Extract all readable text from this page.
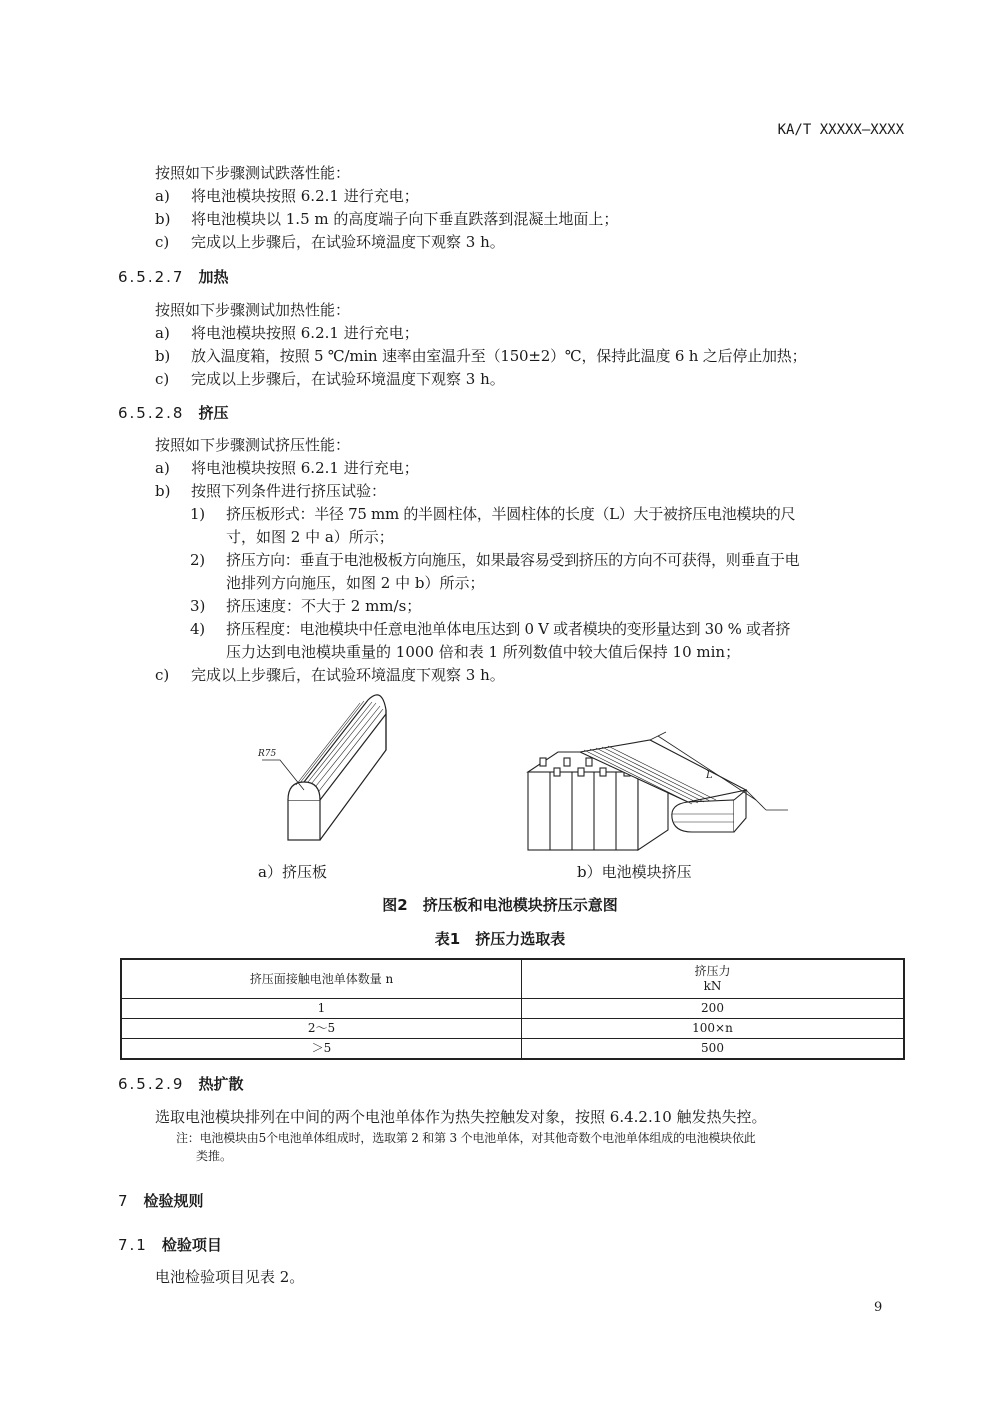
KA/T XXXXX—XXXX
按照如下步骤测试跌落性能：
a) 将电池模块按照 6.2.1 进行充电；
b) 将电池模块以 1.5 m 的高度端子向下垂直跌落到混凝土地面上；
c) 完成以上步骤后，在试验环境温度下观察 3 h。
6.5.2.7 加热
按照如下步骤测试加热性能：
a) 将电池模块按照 6.2.1 进行充电；
b) 放入温度箱，按照 5 ℃/min 速率由室温升至（150±2）℃，保持此温度 6 h 之后停止加热；
c) 完成以上步骤后，在试验环境温度下观察 3 h。
6.5.2.8 挤压
按照如下步骤测试挤压性能：
a) 将电池模块按照 6.2.1 进行充电；
b) 按照下列条件进行挤压试验：
1) 挤压板形式：半径 75 mm 的半圆柱体，半圆柱体的长度（L）大于被挤压电池模块的尺
寸，如图 2 中 a）所示；
2) 挤压方向：垂直于电池极板方向施压，如果最容易受到挤压的方向不可获得，则垂直于电
池排列方向施压，如图 2 中 b）所示；
3) 挤压速度：不大于 2 mm/s；
4) 挤压程度：电池模块中任意电池单体电压达到 0 V 或者模块的变形量达到 30 % 或者挤
压力达到电池模块重量的 1000 倍和表 1 所列数值中较大值后保持 10 min；
c) 完成以上步骤后，在试验环境温度下观察 3 h。
R75
L
a）挤压板	b）电池模块挤压
图2　挤压板和电池模块挤压示意图
表1　挤压力选取表
挤压面接触电池单体数量 n	挤压力
kN

1	200
2～5	100×n
＞5	500
6.5.2.9 热扩散
选取电池模块排列在中间的两个电池单体作为热失控触发对象，按照 6.4.2.10 触发热失控。
注：电池模块由5个电池单体组成时，选取第 2 和第 3 个电池单体，对其他奇数个电池单体组成的电池模块依此
类推。
7 检验规则
7.1 检验项目
电池检验项目见表 2。
9
